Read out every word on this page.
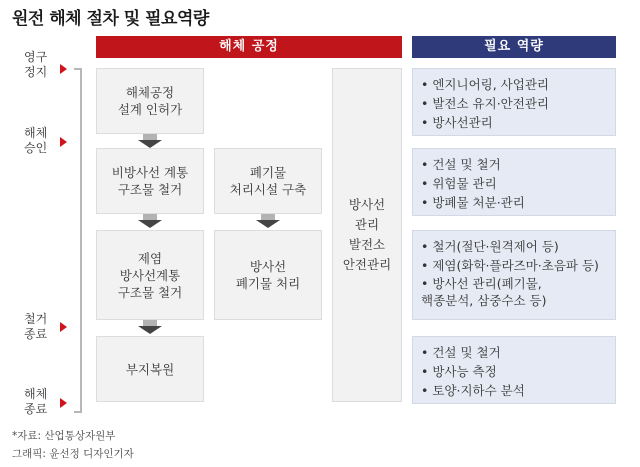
원전 해체 절차 및 필요역량
해체 공정	필요 역량
영구
정지
해체
승인
철거
종료
해체
종료
해체공정
설계 인허가
비방사선 계통
구조물 철거
폐기물
처리시설 구축
제염
방사선계통
구조물 철거
방사선
폐기물 처리
부지복원
방사선
관리
발전소
안전관리
• 엔지니어링, 사업관리
• 발전소 유지·안전관리
• 방사선관리
• 건설 및 철거
• 위험물 관리
• 방폐물 처분·관리
• 철거(절단·원격제어 등)
• 제염(화학·플라즈마·초음파 등)
• 방사선 관리(폐기물,
핵종분석, 삼중수소 등)
• 건설 및 철거
• 방사능 측정
• 토양·지하수 분석
*자료: 산업통상자원부
그래픽: 윤선정 디자인기자
